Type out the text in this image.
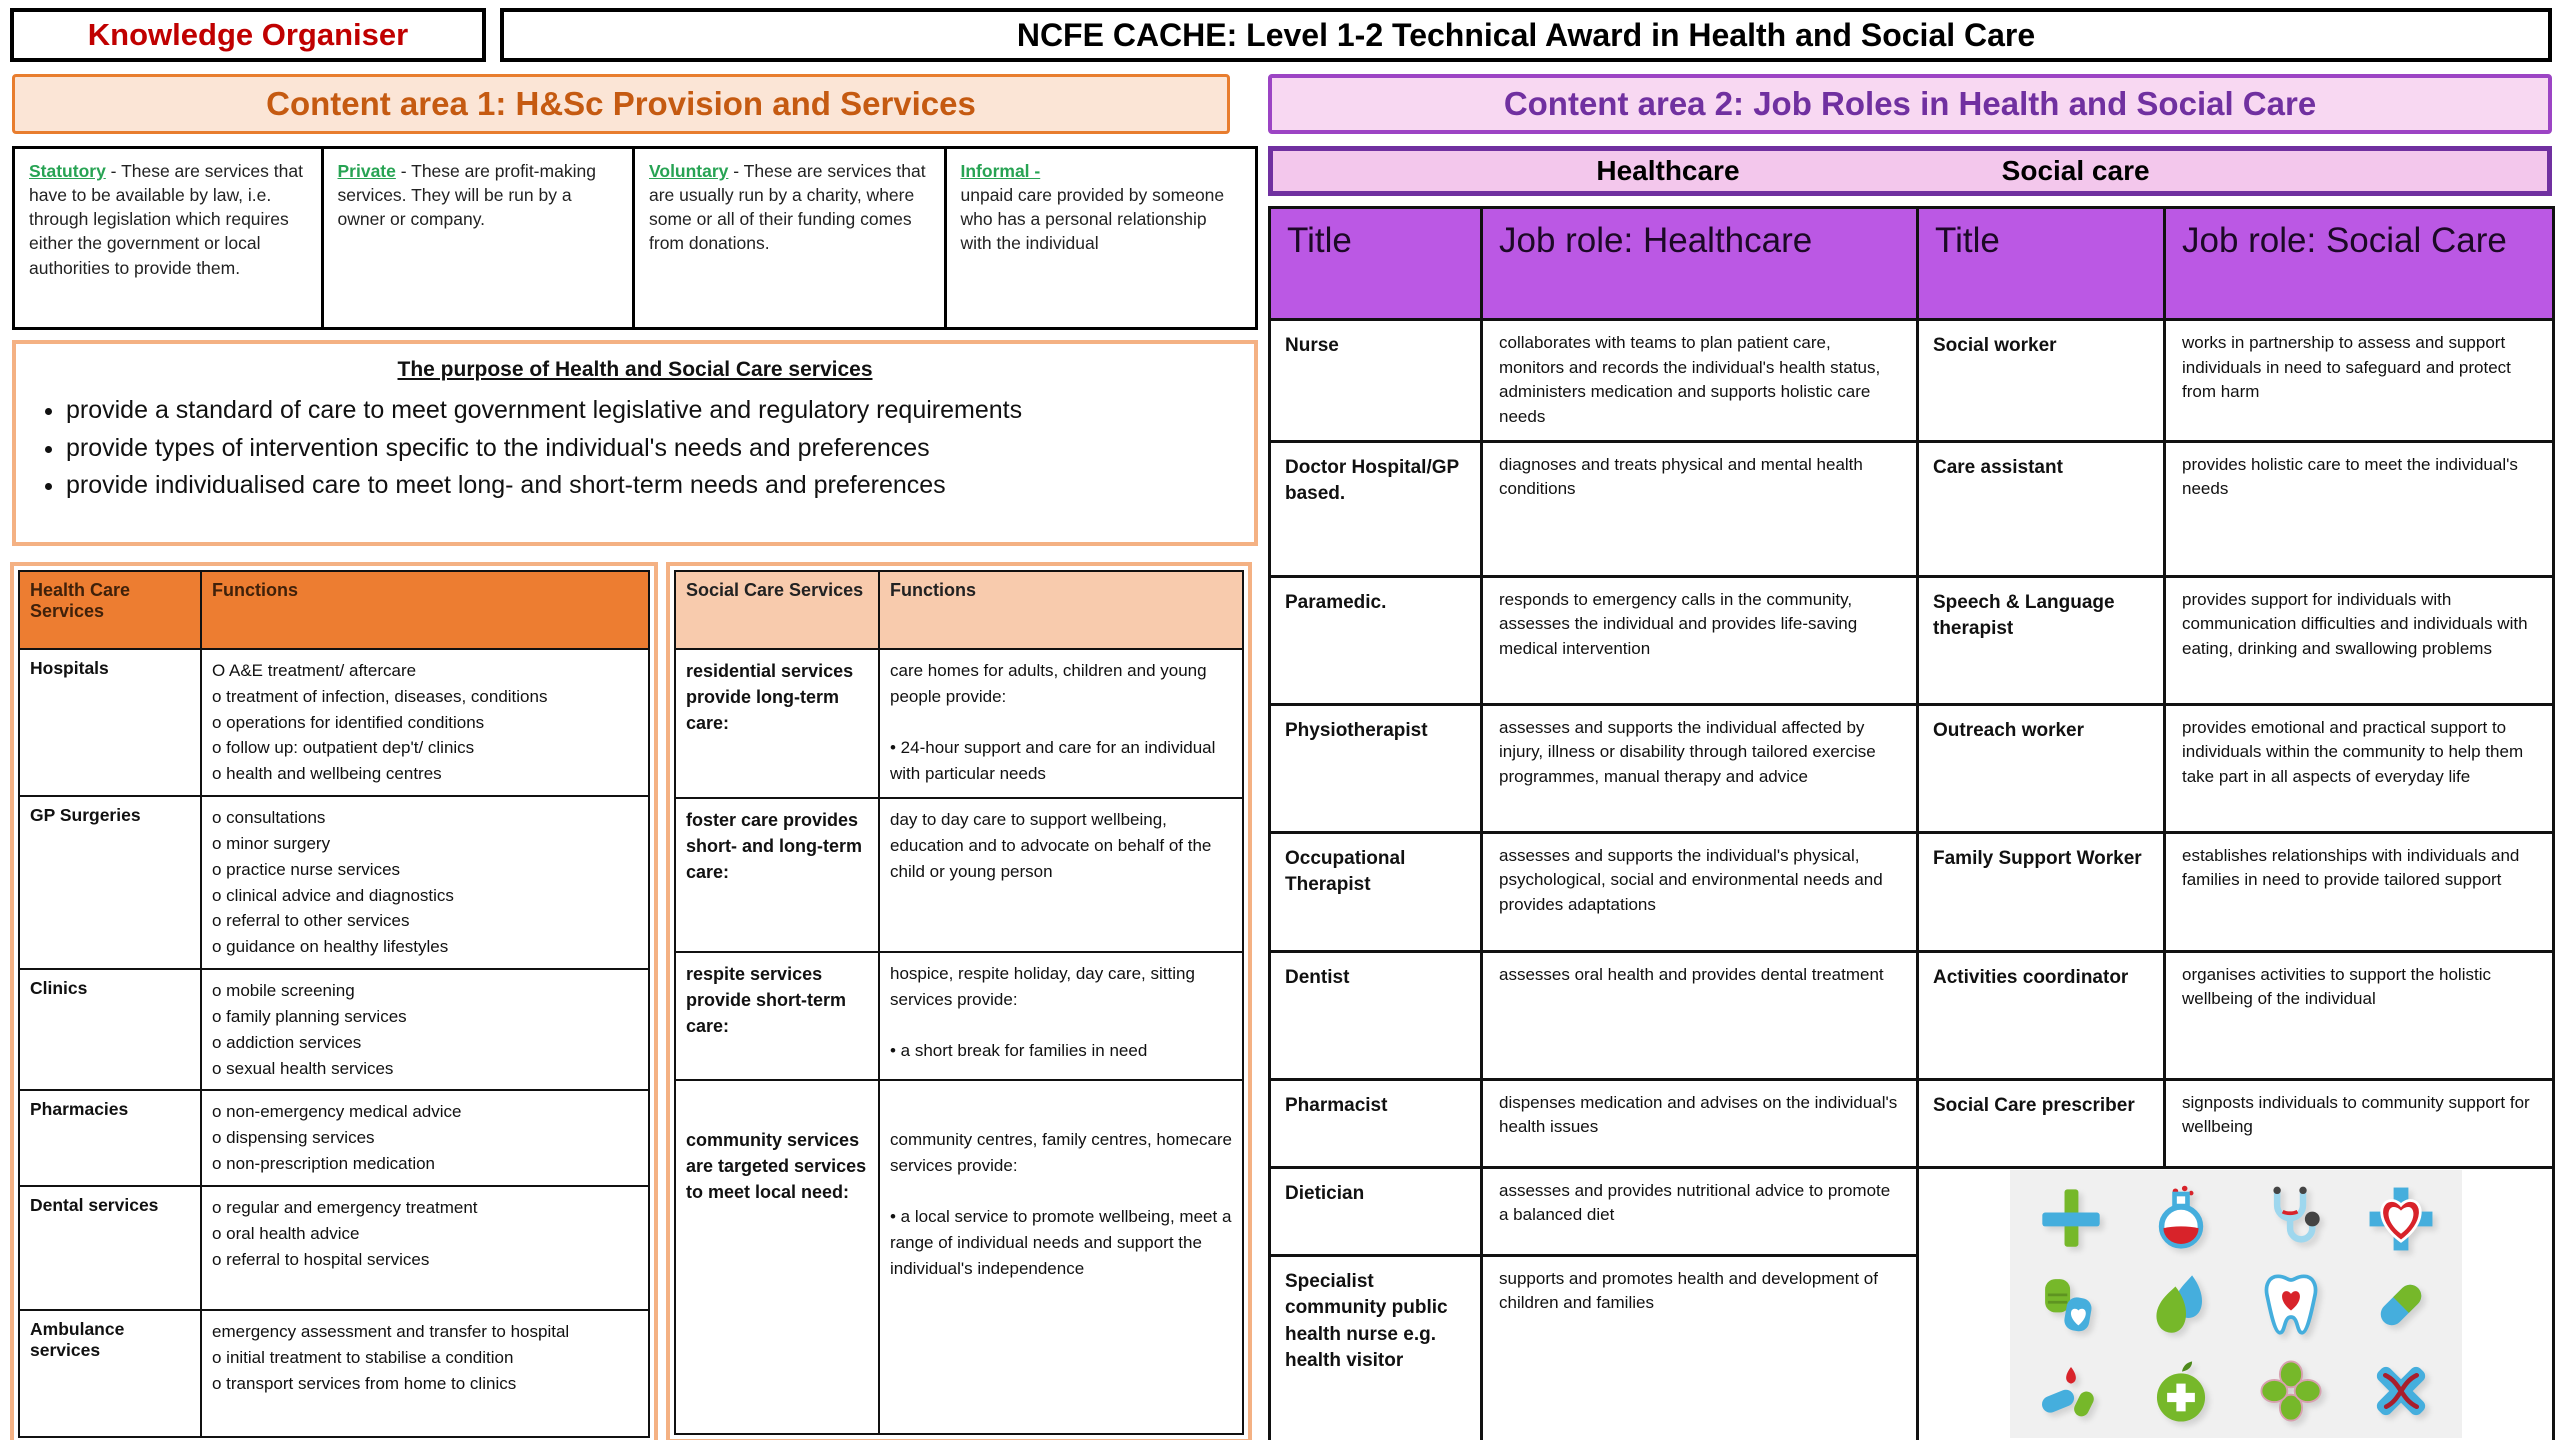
Knowledge Organiser	NCFE CACHE: Level 1-2 Technical Award in Health and Social Care
Content area 1: H&Sc Provision and Services	Content area 2: Job Roles in Health and Social Care
Statutory - These are services that have to be available by law, i.e. through legislation which requires either the government or local authorities to provide them.
Private - These are profit-making services. They will be run by a owner or company.
Voluntary - These are services that are usually run by a charity, where some or all of their funding comes from donations.
Informal -
unpaid care provided by someone who has a personal relationship with the individual
The purpose of Health and Social Care services
• provide a standard of care to meet government legislative and regulatory requirements
• provide types of intervention specific to the individual's needs and preferences
• provide individualised care to meet long- and short-term needs and preferences
Health Care Services	Functions
Hospitals	O A&E treatment/ aftercare
o treatment of infection, diseases, conditions
o operations for identified conditions
o follow up: outpatient dep't/ clinics
o health and wellbeing centres

GP Surgeries	o consultations
o minor surgery
o practice nurse services
o clinical advice and diagnostics
o referral to other services
o guidance on healthy lifestyles

Clinics	o mobile screening
o family planning services
o addiction services
o sexual health services

Pharmacies	o non-emergency medical advice
o dispensing services
o non-prescription medication

Dental services	o regular and emergency treatment
o oral health advice
o referral to hospital services

Ambulance services	emergency assessment and transfer to hospital
o initial treatment to stabilise a condition
o transport services from home to clinics
Social Care Services	Functions
residential services provide long-term care:	care homes for adults, children and young people provide:

• 24-hour support and care for an individual with particular needs

foster care provides short- and long-term care:	day to day care to support wellbeing, education and to advocate on behalf of the child or young person

respite services provide short-term care:	hospice, respite holiday, day care, sitting services provide:

• a short break for families in need

community services are targeted services to meet local need:	community centres, family centres, homecare services provide:

• a local service to promote wellbeing, meet a range of individual needs and support the individual's independence
Healthcare	Social care
Title	Job role: Healthcare	Title	Job role: Social Care
Nurse	collaborates with teams to plan patient care, monitors and records the individual's health status, administers medication and supports holistic care needs	Social worker	works in partnership to assess and support individuals in need to safeguard and protect from harm
Doctor Hospital/GP based.	diagnoses and treats physical and mental health conditions	Care assistant	provides holistic care to meet the individual's needs
Paramedic.	responds to emergency calls in the community, assesses the individual and provides life-saving medical intervention	Speech & Language therapist	provides support for individuals with communication difficulties and individuals with eating, drinking and swallowing problems
Physiotherapist	assesses and supports the individual affected by injury, illness or disability through tailored exercise programmes, manual therapy and advice	Outreach worker	provides emotional and practical support to individuals within the community to help them take part in all aspects of everyday life
Occupational Therapist	assesses and supports the individual's physical, psychological, social and environmental needs and provides adaptations	Family Support Worker	establishes relationships with individuals and families in need to provide tailored support
Dentist	assesses oral health and provides dental treatment	Activities coordinator	organises activities to support the holistic wellbeing of the individual
Pharmacist	dispenses medication and advises on the individual's health issues	Social Care prescriber	signposts individuals to community support for wellbeing
Dietician	assesses and provides nutritional advice to promote a balanced diet	

Specialist community public health nurse e.g. health visitor	supports and promotes health and development of children and families		
